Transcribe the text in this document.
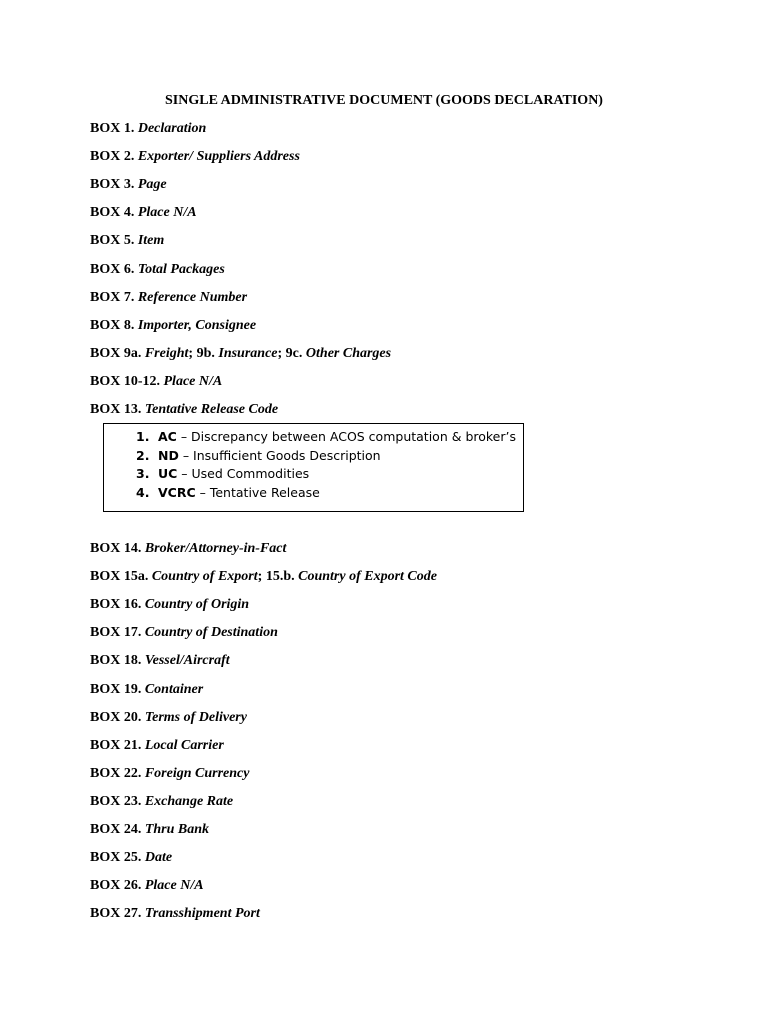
SINGLE ADMINISTRATIVE DOCUMENT (GOODS DECLARATION)
BOX 1. Declaration
BOX 2. Exporter/ Suppliers Address
BOX 3. Page
BOX 4. Place N/A
BOX 5. Item
BOX 6. Total Packages
BOX 7. Reference Number
BOX 8. Importer, Consignee
BOX 9a. Freight; 9b. Insurance; 9c. Other Charges
BOX 10-12. Place N/A
BOX 13. Tentative Release Code
1. AC – Discrepancy between ACOS computation & broker’s
2. ND – Insufficient Goods Description
3. UC – Used Commodities
4. VCRC – Tentative Release
BOX 14. Broker/Attorney-in-Fact
BOX 15a. Country of Export; 15.b. Country of Export Code
BOX 16. Country of Origin
BOX 17. Country of Destination
BOX 18. Vessel/Aircraft
BOX 19. Container
BOX 20. Terms of Delivery
BOX 21. Local Carrier
BOX 22. Foreign Currency
BOX 23. Exchange Rate
BOX 24. Thru Bank
BOX 25. Date
BOX 26. Place N/A
BOX 27. Transshipment Port
